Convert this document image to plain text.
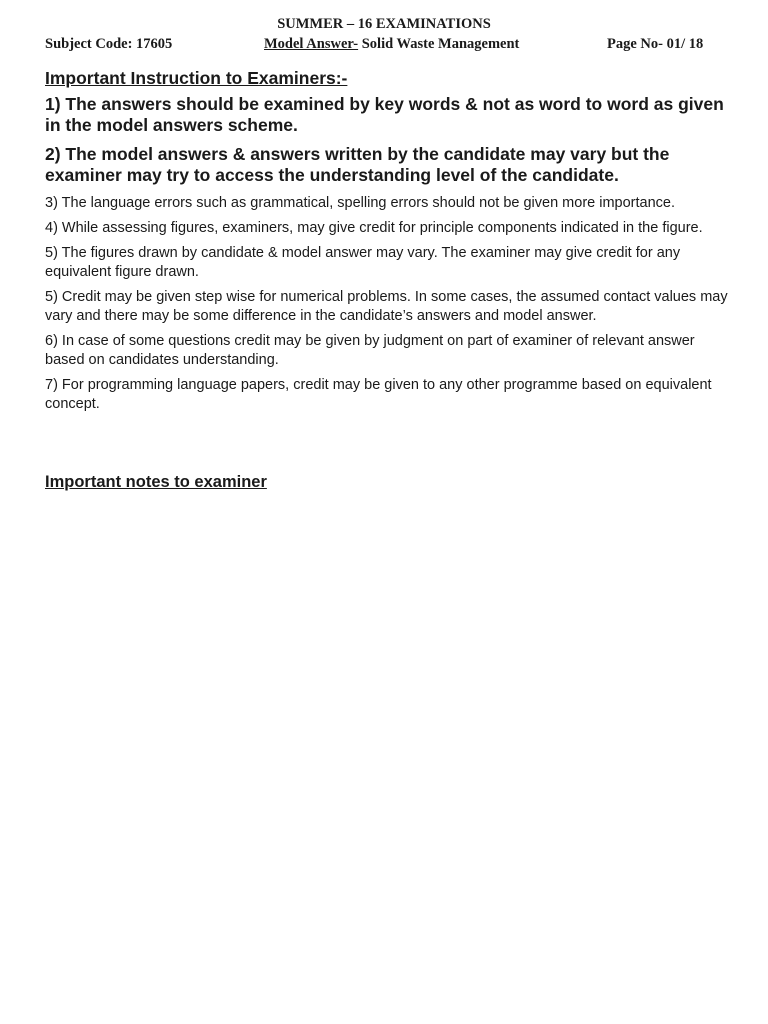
SUMMER – 16 EXAMINATIONS
Subject Code: 17605	Model Answer- Solid Waste Management	Page No- 01/ 18
Important Instruction to Examiners:-
1) The answers should be examined by key words & not as word to word as given in the model answers scheme.
2) The model answers & answers written by the candidate may vary but the examiner may try to access the understanding level of the candidate.
3) The language errors such as grammatical, spelling errors should not be given more importance.
4) While assessing figures, examiners, may give credit for principle components indicated in the figure.
5) The figures drawn by candidate & model answer may vary. The examiner may give credit for any equivalent figure drawn.
5) Credit may be given step wise for numerical problems. In some cases, the assumed contact values may vary and there may be some difference in the candidate’s answers and model answer.
6) In case of some questions credit may be given by judgment on part of examiner of relevant answer based on candidates understanding.
7) For programming language papers, credit may be given to any other programme based on equivalent concept.
Important notes to examiner
